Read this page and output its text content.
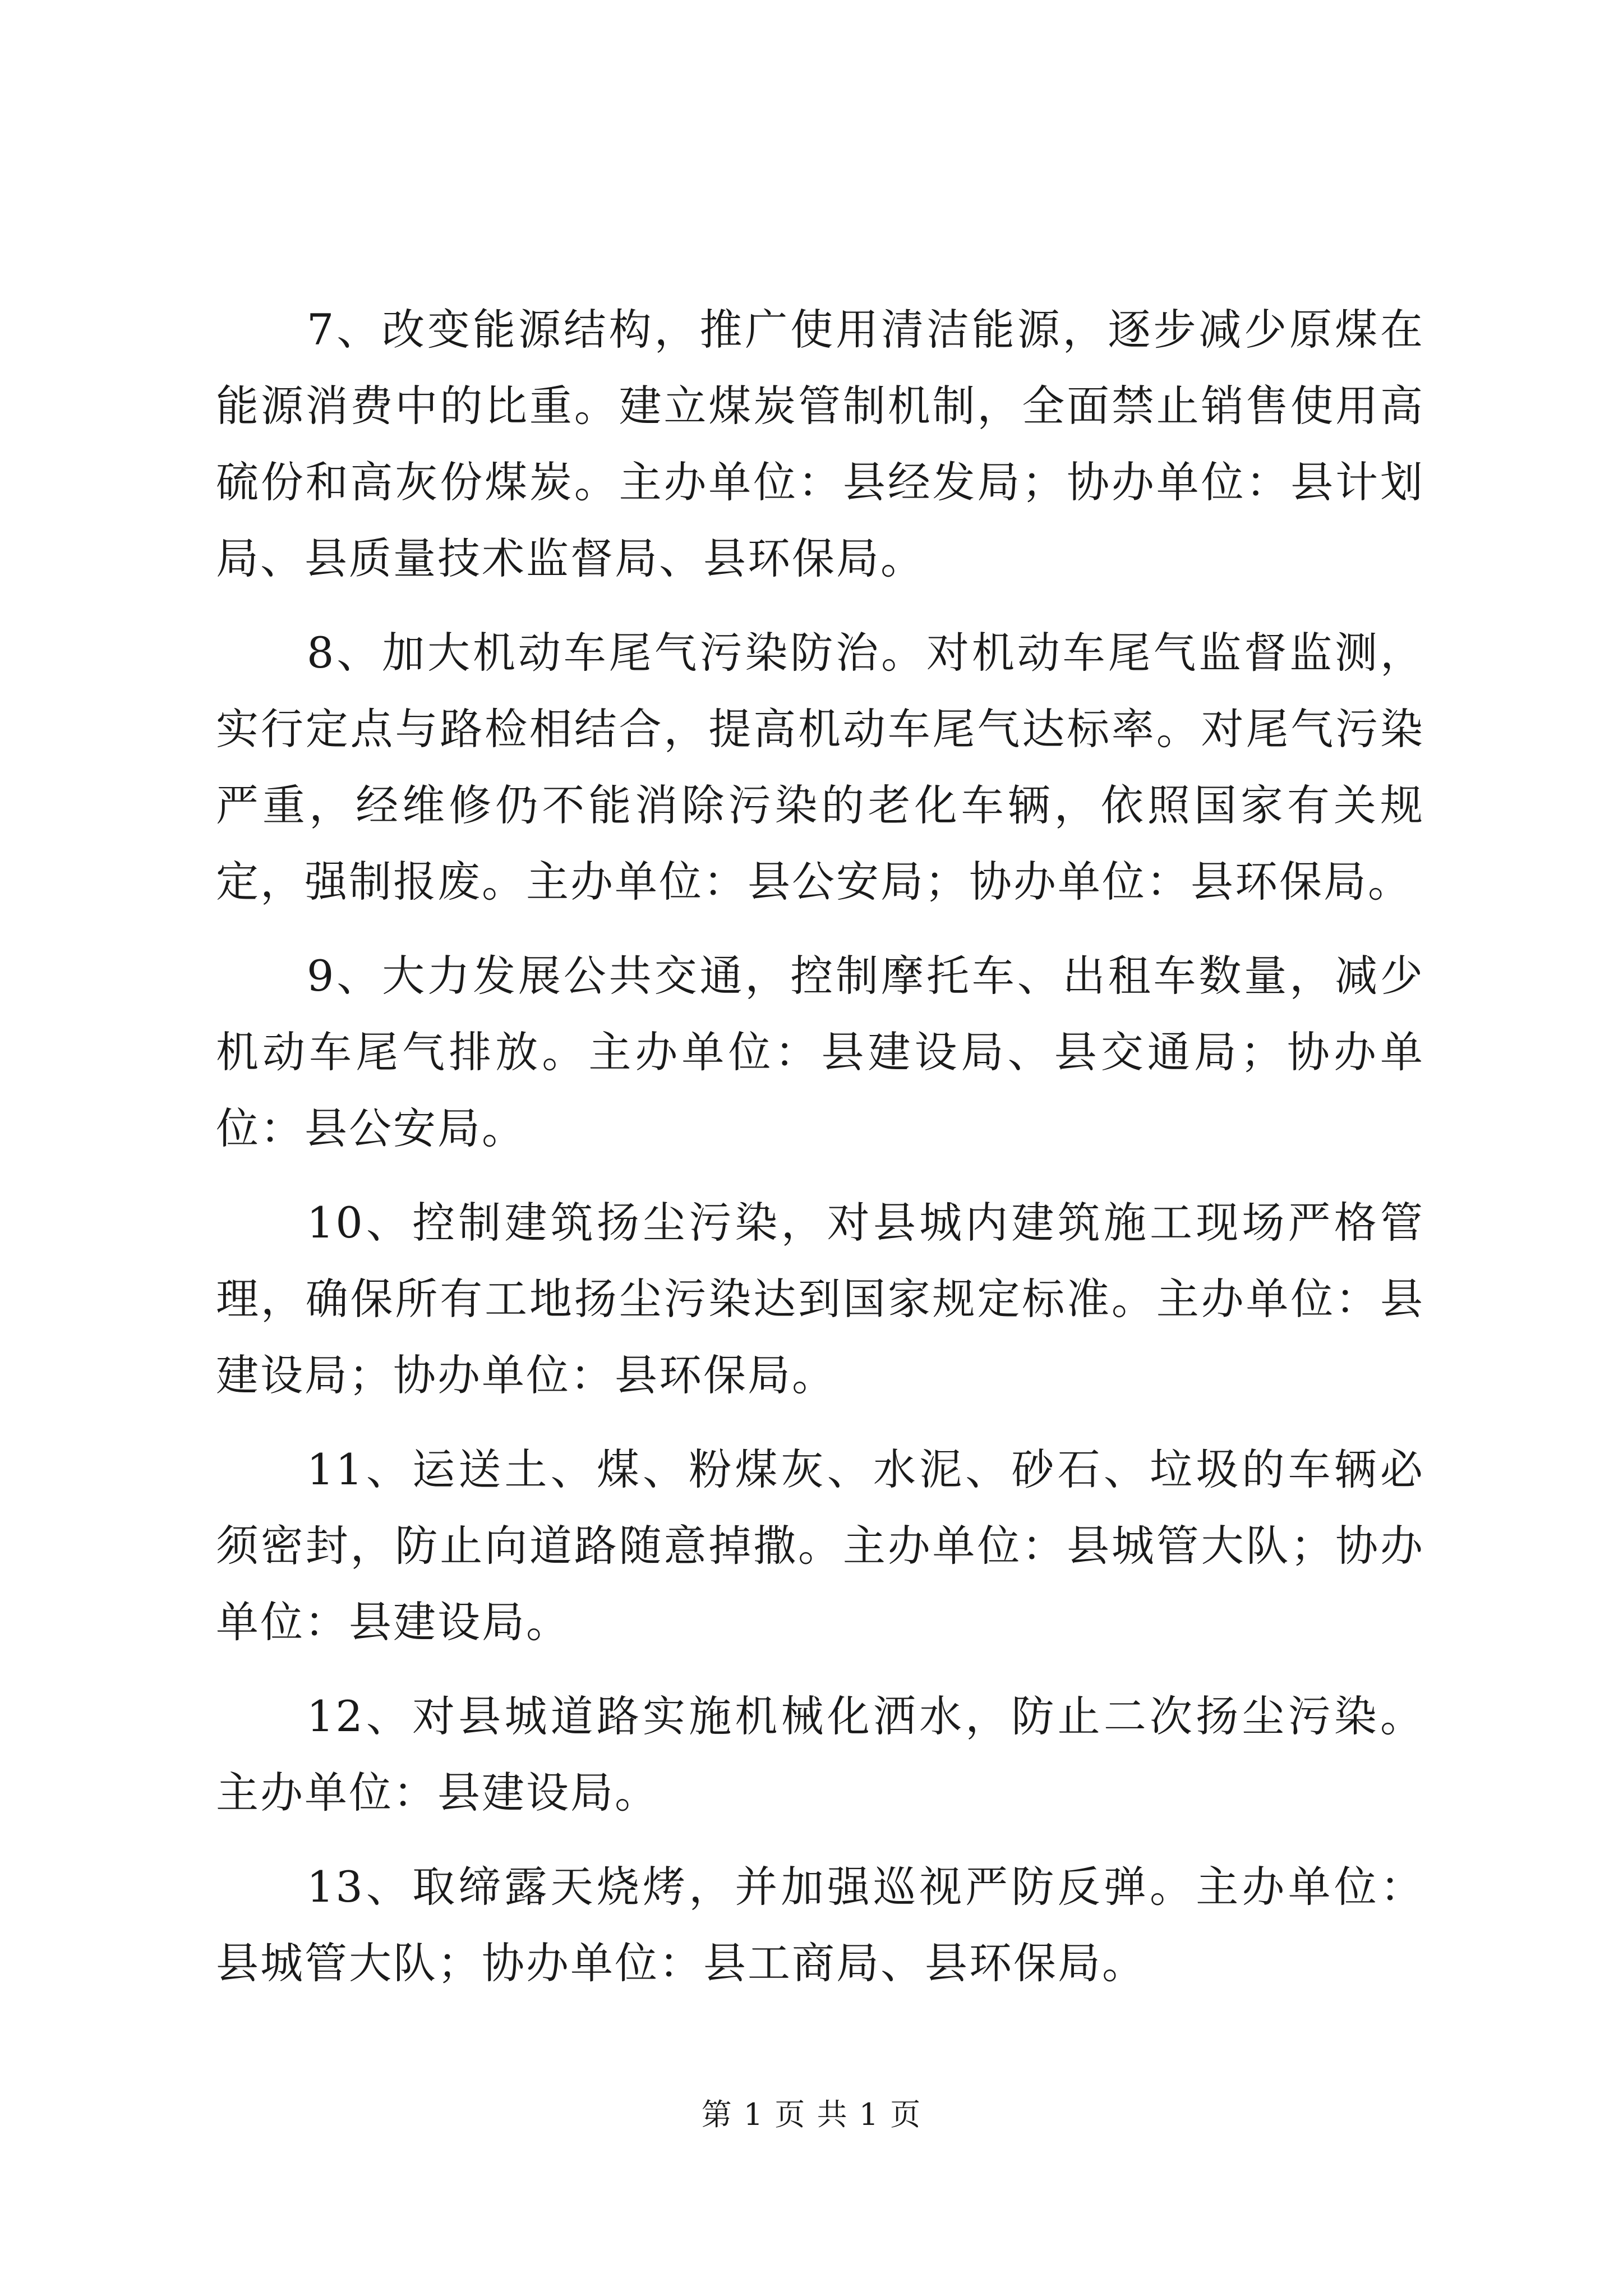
7、改变能源结构，推广使用清洁能源，逐步减少原煤在能源消费中的比重。建立煤炭管制机制，全面禁止销售使用高硫份和高灰份煤炭。主办单位：县经发局；协办单位：县计划局、县质量技术监督局、县环保局。

8、加大机动车尾气污染防治。对机动车尾气监督监测，实行定点与路检相结合，提高机动车尾气达标率。对尾气污染严重，经维修仍不能消除污染的老化车辆，依照国家有关规定，强制报废。主办单位：县公安局；协办单位：县环保局。

9、大力发展公共交通，控制摩托车、出租车数量，减少机动车尾气排放。主办单位：县建设局、县交通局；协办单位：县公安局。

10、控制建筑扬尘污染，对县城内建筑施工现场严格管理，确保所有工地扬尘污染达到国家规定标准。主办单位：县建设局；协办单位：县环保局。

11、运送土、煤、粉煤灰、水泥、砂石、垃圾的车辆必须密封，防止向道路随意掉撒。主办单位：县城管大队；协办单位：县建设局。

12、对县城道路实施机械化洒水，防止二次扬尘污染。主办单位：县建设局。

13、取缔露天烧烤，并加强巡视严防反弹。主办单位：县城管大队；协办单位：县工商局、县环保局。

第 1 页 共 1 页
